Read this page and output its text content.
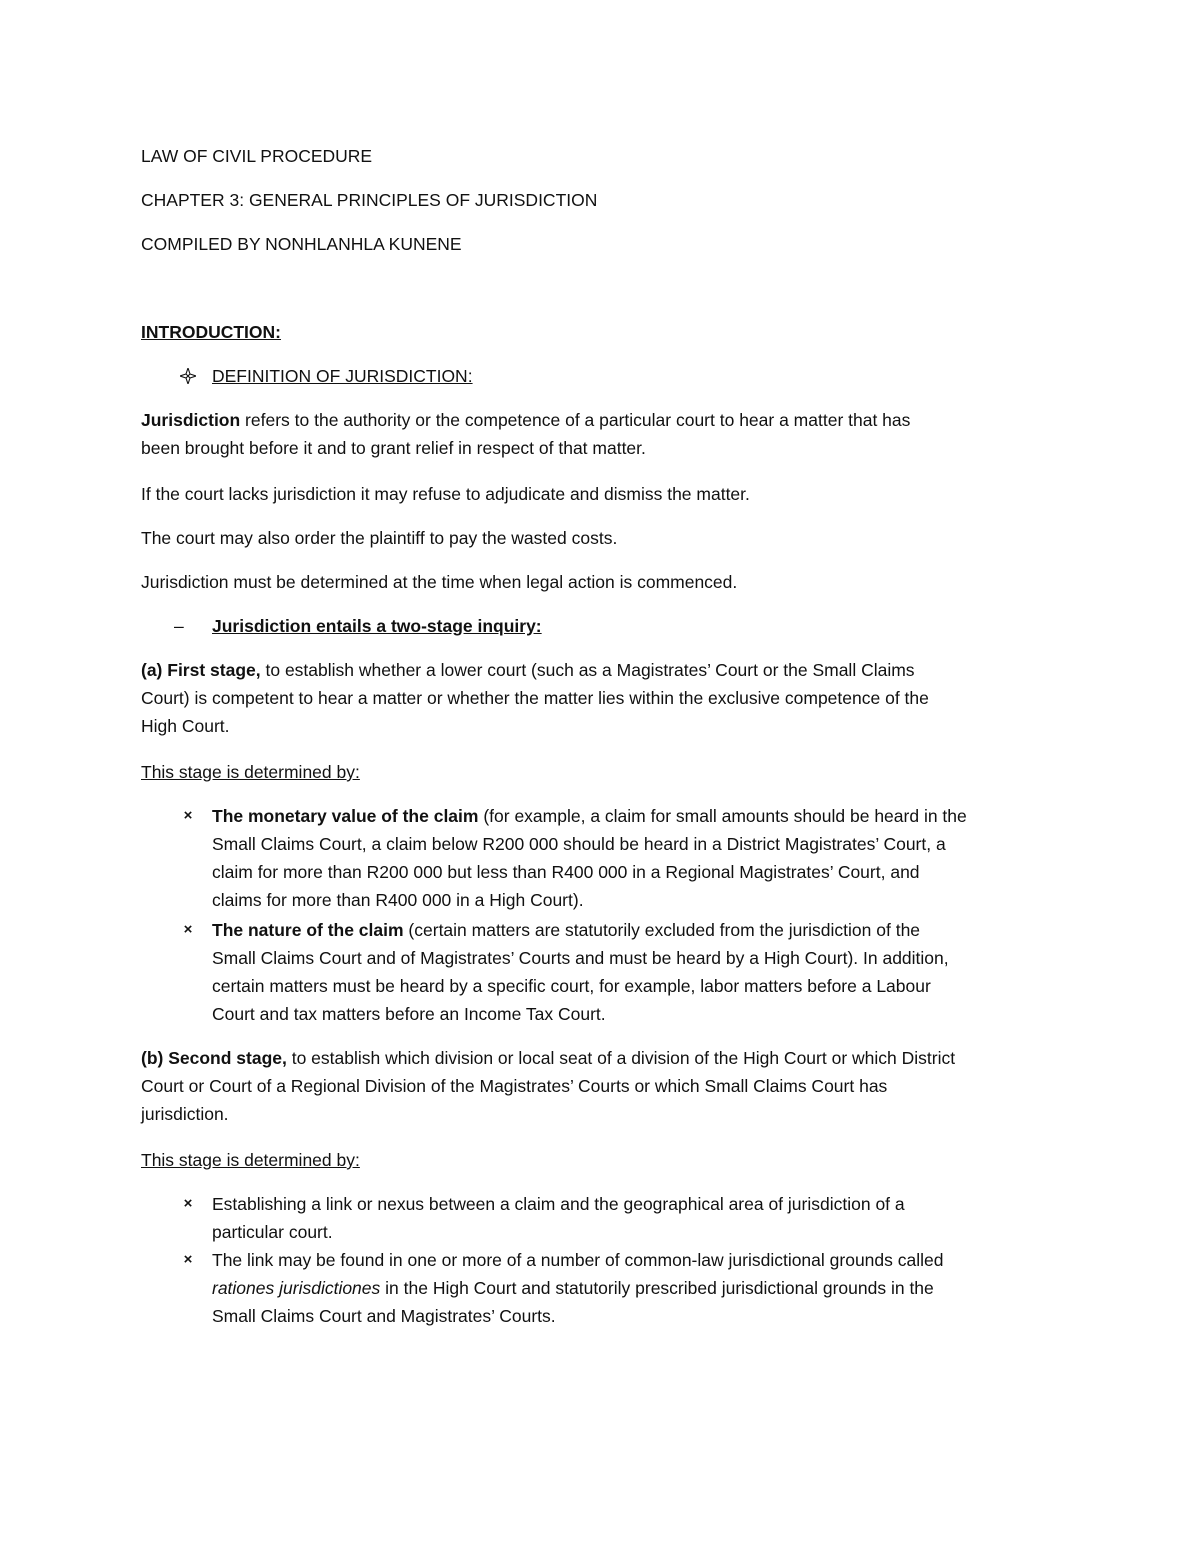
LAW OF CIVIL PROCEDURE
CHAPTER 3: GENERAL PRINCIPLES OF JURISDICTION
COMPILED BY NONHLANHLA KUNENE
INTRODUCTION:
DEFINITION OF JURISDICTION:
Jurisdiction refers to the authority or the competence of a particular court to hear a matter that has
been brought before it and to grant relief in respect of that matter.
If the court lacks jurisdiction it may refuse to adjudicate and dismiss the matter.
The court may also order the plaintiff to pay the wasted costs.
Jurisdiction must be determined at the time when legal action is commenced.
– Jurisdiction entails a two-stage inquiry:
(a) First stage, to establish whether a lower court (such as a Magistrates’ Court or the Small Claims
Court) is competent to hear a matter or whether the matter lies within the exclusive competence of the
High Court.
This stage is determined by:
× The monetary value of the claim (for example, a claim for small amounts should be heard in the
Small Claims Court, a claim below R200 000 should be heard in a District Magistrates’ Court, a
claim for more than R200 000 but less than R400 000 in a Regional Magistrates’ Court, and
claims for more than R400 000 in a High Court).
× The nature of the claim (certain matters are statutorily excluded from the jurisdiction of the
Small Claims Court and of Magistrates’ Courts and must be heard by a High Court). In addition,
certain matters must be heard by a specific court, for example, labor matters before a Labour
Court and tax matters before an Income Tax Court.
(b) Second stage, to establish which division or local seat of a division of the High Court or which District
Court or Court of a Regional Division of the Magistrates’ Courts or which Small Claims Court has
jurisdiction.
This stage is determined by:
× Establishing a link or nexus between a claim and the geographical area of jurisdiction of a
particular court.
× The link may be found in one or more of a number of common-law jurisdictional grounds called
rationes jurisdictiones in the High Court and statutorily prescribed jurisdictional grounds in the
Small Claims Court and Magistrates’ Courts.
